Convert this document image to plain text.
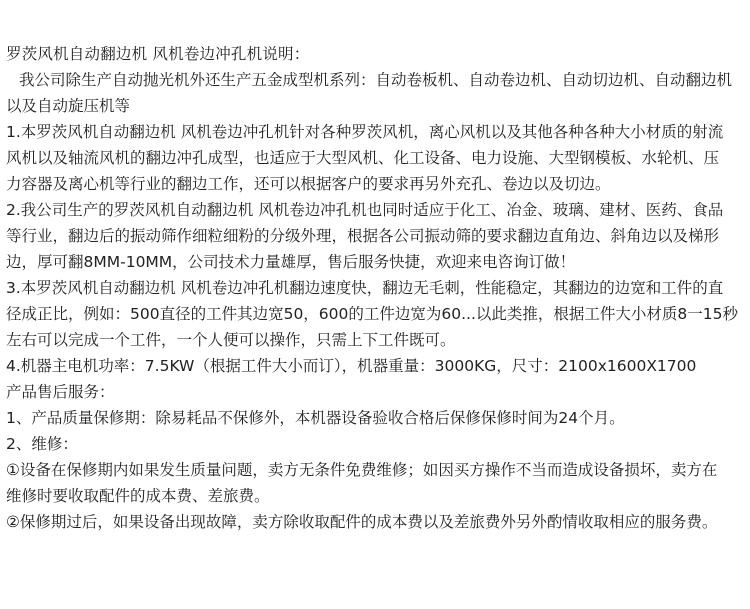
罗茨风机自动翻边机 风机卷边冲孔机说明：
我公司除生产自动抛光机外还生产五金成型机系列：自动卷板机、自动卷边机、自动切边机、自动翻边机
以及自动旋压机等
1.本罗茨风机自动翻边机 风机卷边冲孔机针对各种罗茨风机，离心风机以及其他各种各种大小材质的射流
风机以及轴流风机的翻边冲孔成型，也适应于大型风机、化工设备、电力设施、大型钢模板、水轮机、压
力容器及离心机等行业的翻边工作，还可以根据客户的要求再另外充孔、卷边以及切边。
2.我公司生产的罗茨风机自动翻边机 风机卷边冲孔机也同时适应于化工、冶金、玻璃、建材、医药、食品
等行业，翻边后的振动筛作细粒细粉的分级外理，根据各公司振动筛的要求翻边直角边、斜角边以及梯形
边，厚可翻8MM-10MM，公司技术力量雄厚，售后服务快捷，欢迎来电咨询订做！
3.本罗茨风机自动翻边机 风机卷边冲孔机翻边速度快，翻边无毛刺，性能稳定，其翻边的边宽和工件的直
径成正比，例如：500直径的工件其边宽50，600的工件边宽为60...以此类推，根据工件大小材质8一15秒
左右可以完成一个工件，一个人便可以操作，只需上下工件既可。
4.机器主电机功率：7.5KW（根据工件大小而订），机器重量：3000KG，尺寸：2100x1600X1700
产品售后服务：
1、产品质量保修期：除易耗品不保修外，本机器设备验收合格后保修保修时间为24个月。
2、维修：
①设备在保修期内如果发生质量问题，卖方无条件免费维修；如因买方操作不当而造成设备损坏，卖方在
维修时要收取配件的成本费、差旅费。
②保修期过后，如果设备出现故障，卖方除收取配件的成本费以及差旅费外另外酌情收取相应的服务费。
